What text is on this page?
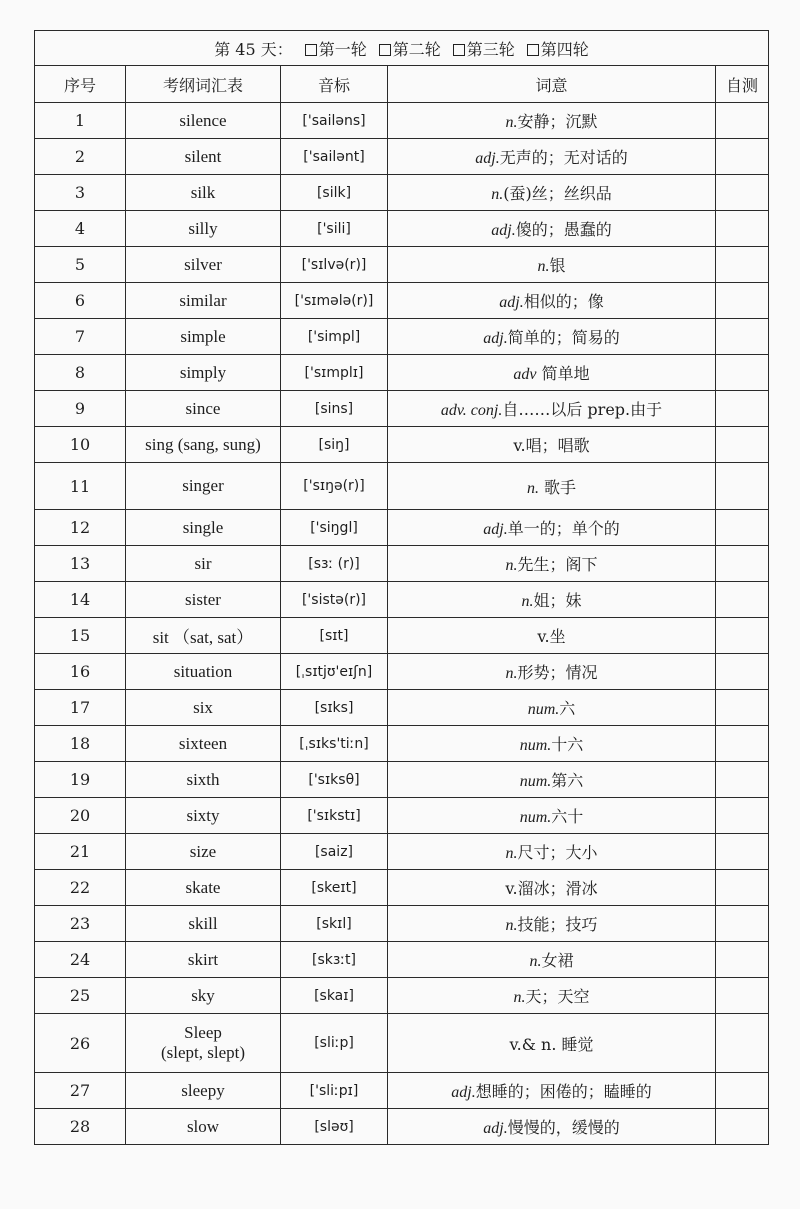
第 45 天： 第一轮 第二轮 第三轮 第四轮				
序号	考纲词汇表	音标	词意	自测
1	silence	['sailəns]	n.安静；沉默	
2	silent	['sailənt]	adj.无声的；无对话的	
3	silk	[silk]	n.(蚕)丝；丝织品	
4	silly	['sili]	adj.傻的；愚蠢的	
5	silver	['sɪlvə(r)]	n.银	
6	similar	['sɪmələ(r)]	adj.相似的；像	
7	simple	['simpl]	adj.简单的；简易的	
8	simply	['sɪmplɪ]	adv 简单地	
9	since	[sins]	adv. conj.自……以后 prep.由于	
10	sing (sang, sung)	[siŋ]	v.唱；唱歌	
11	singer	['sɪŋə(r)]	n. 歌手	
12	single	['siŋgl]	adj.单一的；单个的	
13	sir	[sɜː (r)]	n.先生；阁下	
14	sister	['sistə(r)]	n.姐；妹	
15	sit （sat, sat）	[sɪt]	v.坐	
16	situation	[ˌsɪtjʊ'eɪʃn]	n.形势；情况	
17	six	[sɪks]	num.六	
18	sixteen	[ˌsɪks'tiːn]	num.十六	
19	sixth	['sɪksθ]	num.第六	
20	sixty	['sɪkstɪ]	num.六十	
21	size	[saiz]	n.尺寸；大小	
22	skate	[skeɪt]	v.溜冰；滑冰	
23	skill	[skɪl]	n.技能；技巧	
24	skirt	[skɜːt]	n.女裙	
25	sky	[skaɪ]	n.天；天空	
26	Sleep
(slept, slept)	[sliːp]	v.& n. 睡觉	
27	sleepy	['sliːpɪ]	adj.想睡的；困倦的；瞌睡的	
28	slow	[sləʊ]	adj.慢慢的，缓慢的	
